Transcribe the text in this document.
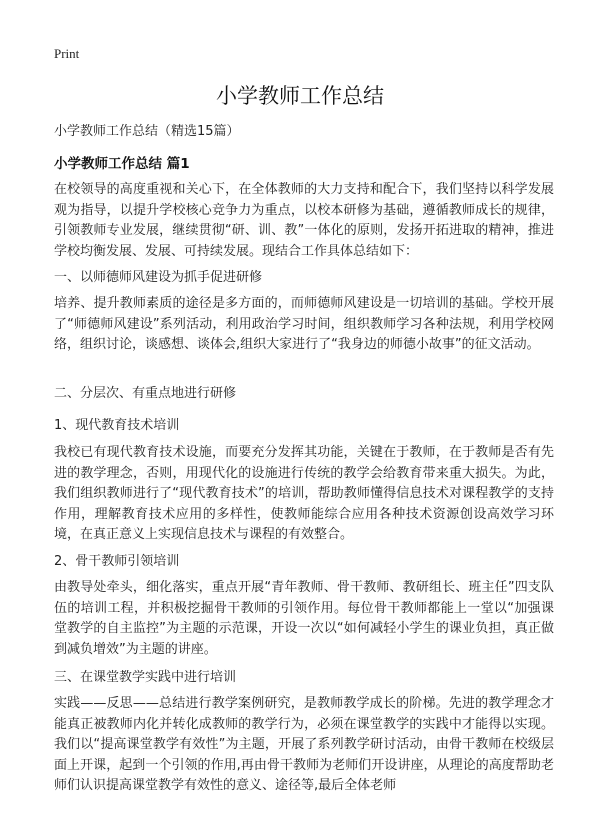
Print
小学教师工作总结
小学教师工作总结（精选15篇）
小学教师工作总结 篇1

在校领导的高度重视和关心下，在全体教师的大力支持和配合下，我们坚持以科学发展观为指导，以提升学校核心竞争力为重点，以校本研修为基础，遵循教师成长的规律，引领教师专业发展，继续贯彻“研、训、教”一体化的原则，发扬开拓进取的精神，推进学校均衡发展、发展、可持续发展。现结合工作具体总结如下：

一、以师德师风建设为抓手促进研修

培养、提升教师素质的途径是多方面的，而师德师风建设是一切培训的基础。学校开展了“师德师风建设”系列活动，利用政治学习时间，组织教师学习各种法规，利用学校网络，组织讨论，谈感想、谈体会,组织大家进行了“我身边的师德小故事”的征文活动。

二、分层次、有重点地进行研修
1、现代教育技术培训

我校已有现代教育技术设施，而要充分发挥其功能，关键在于教师，在于教师是否有先进的教学理念，否则，用现代化的设施进行传统的教学会给教育带来重大损失。为此，我们组织教师进行了“现代教育技术”的培训，帮助教师懂得信息技术对课程教学的支持作用，理解教育技术应用的多样性，使教师能综合应用各种技术资源创设高效学习环境，在真正意义上实现信息技术与课程的有效整合。

2、骨干教师引领培训

由教导处牵头，细化落实，重点开展“青年教师、骨干教师、教研组长、班主任”四支队伍的培训工程，并积极挖掘骨干教师的引领作用。每位骨干教师都能上一堂以“加强课堂教学的自主监控”为主题的示范课，开设一次以“如何减轻小学生的课业负担，真正做到减负增效”为主题的讲座。

三、在课堂教学实践中进行培训

实践——反思——总结进行教学案例研究，是教师教学成长的阶梯。先进的教学理念才能真正被教师内化并转化成教师的教学行为，必须在课堂教学的实践中才能得以实现。我们以“提高课堂教学有效性”为主题，开展了系列教学研讨活动，由骨干教师在校级层面上开课，起到一个引领的作用,再由骨干教师为老师们开设讲座，从理论的高度帮助老师们认识提高课堂教学有效性的意义、途径等,最后全体老师
